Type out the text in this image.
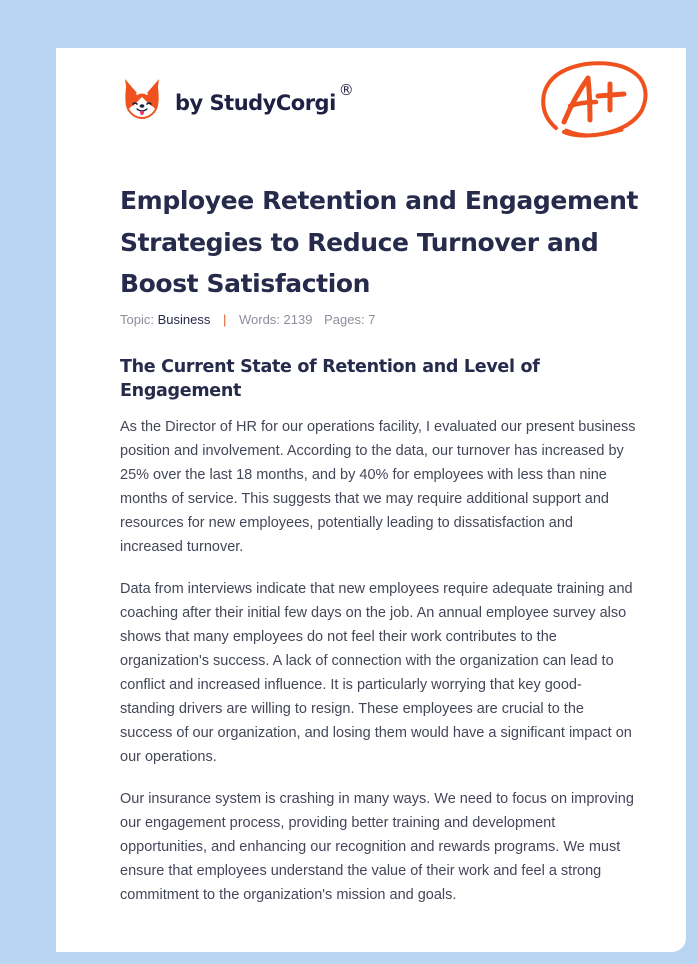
by StudyCorgi
®
Employee Retention and Engagement Strategies to Reduce Turnover and Boost Satisfaction
Topic: Business | Words: 2139 Pages: 7
The Current State of Retention and Level of Engagement

As the Director of HR for our operations facility, I evaluated our present business position and involvement. According to the data, our turnover has increased by 25% over the last 18 months, and by 40% for employees with less than nine months of service. This suggests that we may require additional support and resources for new employees, potentially leading to dissatisfaction and increased turnover.

Data from interviews indicate that new employees require adequate training and coaching after their initial few days on the job. An annual employee survey also shows that many employees do not feel their work contributes to the organization's success. A lack of connection with the organization can lead to conflict and increased influence. It is particularly worrying that key good-standing drivers are willing to resign. These employees are crucial to the success of our organization, and losing them would have a significant impact on our operations.

Our insurance system is crashing in many ways. We need to focus on improving our engagement process, providing better training and development opportunities, and enhancing our recognition and rewards programs. We must ensure that employees understand the value of their work and feel a strong commitment to the organization's mission and goals.
